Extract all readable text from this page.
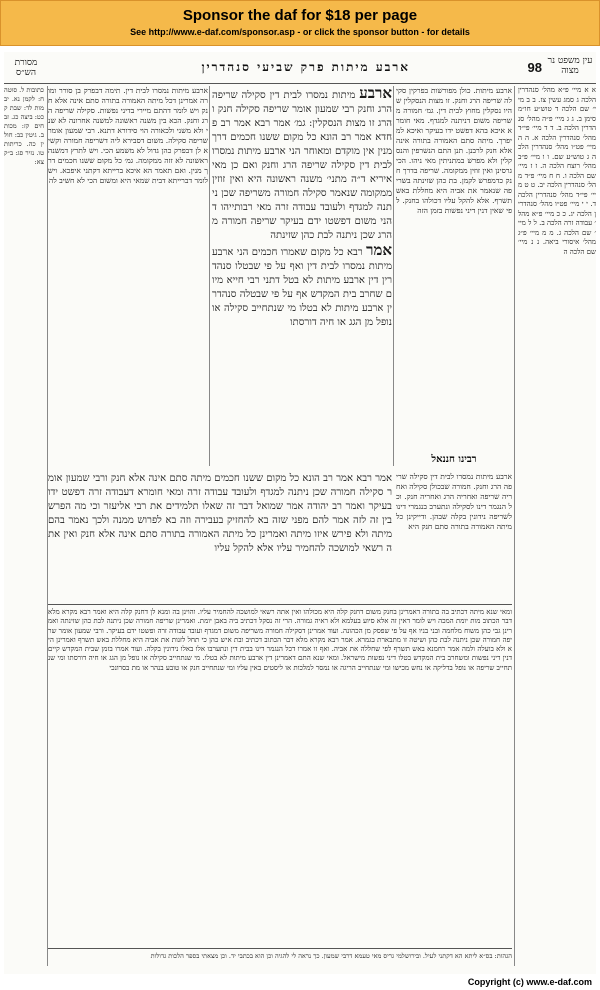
Sponsor the daf for $18 per page
See http://www.e-daf.com/sponsor.asp - or click the sponsor button - for details
עין משפט נר מצוה
98
ארבע מיתות פרק שביעי סנהדרין
מסורת הש״ס
א א מיי׳ פ״א מהל׳ סנהדרין הלכה ג סמג עשין צז. ב ב מיי׳ שם הלכה ד טוש״ע חו״מ סימן ב. ג ג מיי׳ פ״ה מהל׳ סנהדרין הלכה ב. ד ד מיי׳ פי״ד מהל׳ סנהדרין הלכה א. ה ה מיי׳ פט״ו מהל׳ סנהדרין הלכה ג טוש״ע שם. ו ו מיי׳ פ״ב מהל׳ רוצח הלכה ה. ז ז מיי׳ שם הלכה ו. ח ח מיי׳ פ״ד מהל׳ סנהדרין הלכה יב. ט ט מיי׳ פי״ד מהל׳ סנהדרין הלכה ד. י י מיי׳ פט״ו מהל׳ סנהדרין הלכה יג. כ כ מיי׳ פ״א מהל׳ עבודה זרה הלכה ב. ל ל מיי׳ שם הלכה ג. מ מ מיי׳ פ״ג מהל׳ איסורי ביאה. נ נ מיי׳ שם הלכה ה
ארבע מיתות. כולן מפורשות בפרקין סקילה שריפה הרג וחנק. זו מצות הנסקלין שהיו נסקלין מחוץ לבית דין. גמ׳ חמורה משריפה משום דניתנה למגדף. מאי חומרא איכא בהא דפשט ידו בעיקר ואיכא למיפרך. מיתה סתם האמורה בתורה אינה אלא חנק לרבנן. תנן התם הנשרפין והנסקלין ולא מפרש במתניתין מאי ניהו. הכי גרסינן ואין זוזין ממקומה. שריפה בדרך חנק כדמפרש לקמן. בת כהן שזינתה בשריפה שנאמר את אביה היא מחללת באש תשרף. אלא להקל עליו דכולהו בחנק. לפי שאין דנין דיני נפשות בזמן הזה
ארבע מיתות נמסרו לבית דין סקילה שריפה הרג וחנק רבי שמעון אומר שריפה סקילה חנק והרג זו מצות הנסקלין: גמ׳ אמר רבא אמר רב פחדא אמר רב הונא כל מקום ששנו חכמים דרך מנין אין מוקדם ומאוחר הני ארבע מיתות נמסרו לבית דין סקילה שריפה הרג וחנק ואם כן מאי איריא ד״ה מתני׳ משנה ראשונה היא ואין זוזין ממקומה שנאמר סקילה חמורה משריפה שכן ניתנה למגדף ולעובד עבודה זרה מאי רבותייהו דהני משום דפשטו ידם בעיקר שריפה חמורה מהרג שכן ניתנה לבת כהן שזינתה
אמר רבא כל מקום שאמרו חכמים הני ארבע מיתות נמסרו לבית דין ואף על פי שבטלו סנהדרין דין ארבע מיתות לא בטל דתני רבי חייא מיום שחרב בית המקדש אף על פי שבטלה סנהדרין ארבע מיתות לא בטלו מי שנתחייב סקילה או נופל מן הגג או חיה דורסתו
ארבע מיתות נמסרו לבית דין. תימה דבפרק בן סורר ומורה אמרינן דכל מיתה האמורה בתורה סתם אינה אלא חנק ויש לומר דהתם מיירי בדיני נפשות. סקילה שריפה הרג וחנק. הכא בין משנה ראשונה למשנה אחרונה לא שני ולא משני ולכאורה הוי סידורא דתנא. רבי שמעון אומר שריפה סקילה. משום דסבירא ליה דשריפה חמורה וקשיא לן דבפרק כהן גדול לא משמע הכי. ויש לתרץ דמשנה ראשונה לא זזה ממקומה. גמ׳ כל מקום ששנו חכמים דרך מנין. ואם תאמר הא איכא ברייתא דקתני איפכא. ויש לומר דברייתא דבית שמאי היא ומשום הכי לא חשיב לה
כתובות ל. סוטה ח: לקמן נא. יבמות לד: שבת קכט: ביצה כג. זבחים קז: מכות ב. גיטין כב: חולין כה. כריתות טו. נזיר סג: ב״ק צא:
רבינו חננאל
ארבע מיתות נמסרו לבית דין סקילה שריפה הרג וחנק. חמורה שבכולן סקילה ואחריה שריפה ואחריה הרג ואחריה חנק. וכל הנגמר דינו לסקילה ונתערב בנגמרי דינו לשריפה נידונין בקלה שבהן. ודייקינן כל מיתה האמורה בתורה סתם חנק היא
אמר רבא אמר רב הונא כל מקום ששנו חכמים מיתה סתם אינה אלא חנק ורבי שמעון אומר סקילה חמורה שכן ניתנה למגדף ולעובד עבודה זרה ומאי חומרא דעבודה זרה דפשט ידו בעיקר ואמר רב יהודה אמר שמואל דבר זה שאלו תלמידים את רבי אליעזר וכי מה הפרש בין זה לזה אמר להם מפני שזה בא להחזיק בעבירה וזה בא לפרוש ממנה ולכך נאמר בהם מיתה ולא פירש איזו מיתה ואמרינן כל מיתה האמורה בתורה סתם אינה אלא חנק ואין אתה רשאי למושכה להחמיר עליו אלא להקל עליו
ומאי שנא מיתה דכתיב בה בתורה דאמרינן בחנק משום דחנק קלה היא מכולהו ואין אתה רשאי למושכה להחמיר עליו. והוינן בה ומנא לן דחנק קלה היא ואמר רבא מקרא מלא דבר הכתוב מות יומת המכה ויש לומר דאין זה אלא סיוע בעלמא ולא ראיה גמורה. הרי זה נסקל דכתיב ביה באבן יומת. ואמרינן שריפה חמורה שכן ניתנה לבת כהן שזינתה ואמרינן גבי כהן משוח מלחמה ובני בניו אף על פי שפסק מן הכהונה. ועוד אמרינן דסקילה חמורה משריפה משום דמגדף ועובד עבודה זרה ופשטו ידם בעיקר. ורבי שמעון אומר שריפה חמורה שכן ניתנה לבת כהן ושיטה זו מתבארת בגמרא. אמר רבא מקרא מלא דבר הכתוב דכתיב ובת איש כהן כי תחל לזנות את אביה היא מחללת באש תשרף ואמרינן היא ולא בועלה ולמה אמר רחמנא באש תשרף לפי שחללה את אביה. ואף זו אמרו דכל הנגמר דינו בבית דין ונתערבו אלו באלו נידונין בקלה. ועוד אמרו בזמן שבית המקדש קיים דנין דיני נפשות ומשחרב בית המקדש בטלו דיני נפשות מישראל. ומאי שנא התם דאמרינן דין ארבע מיתות לא בטלו. מי שנתחייב סקילה או נופל מן הגג או חיה דורסתו ומי שנתחייב שריפה או נופל בדליקה או נחש מכישו ומי שנתחייב הריגה או נמסר למלכות או ליסטים באין עליו ומי שנתחייב חנק או טובע בנהר או מת בסרונכי
הגהות: בס״א ליתא הא דקתני לעיל. ובירושלמי גריס מאי טעמא דרבי שמעון. כך נראה לי להגיה וכן הוא בכתבי יד. וכן מצאתי בספר הלכות גדולות
Copyright (c) www.e-daf.com
